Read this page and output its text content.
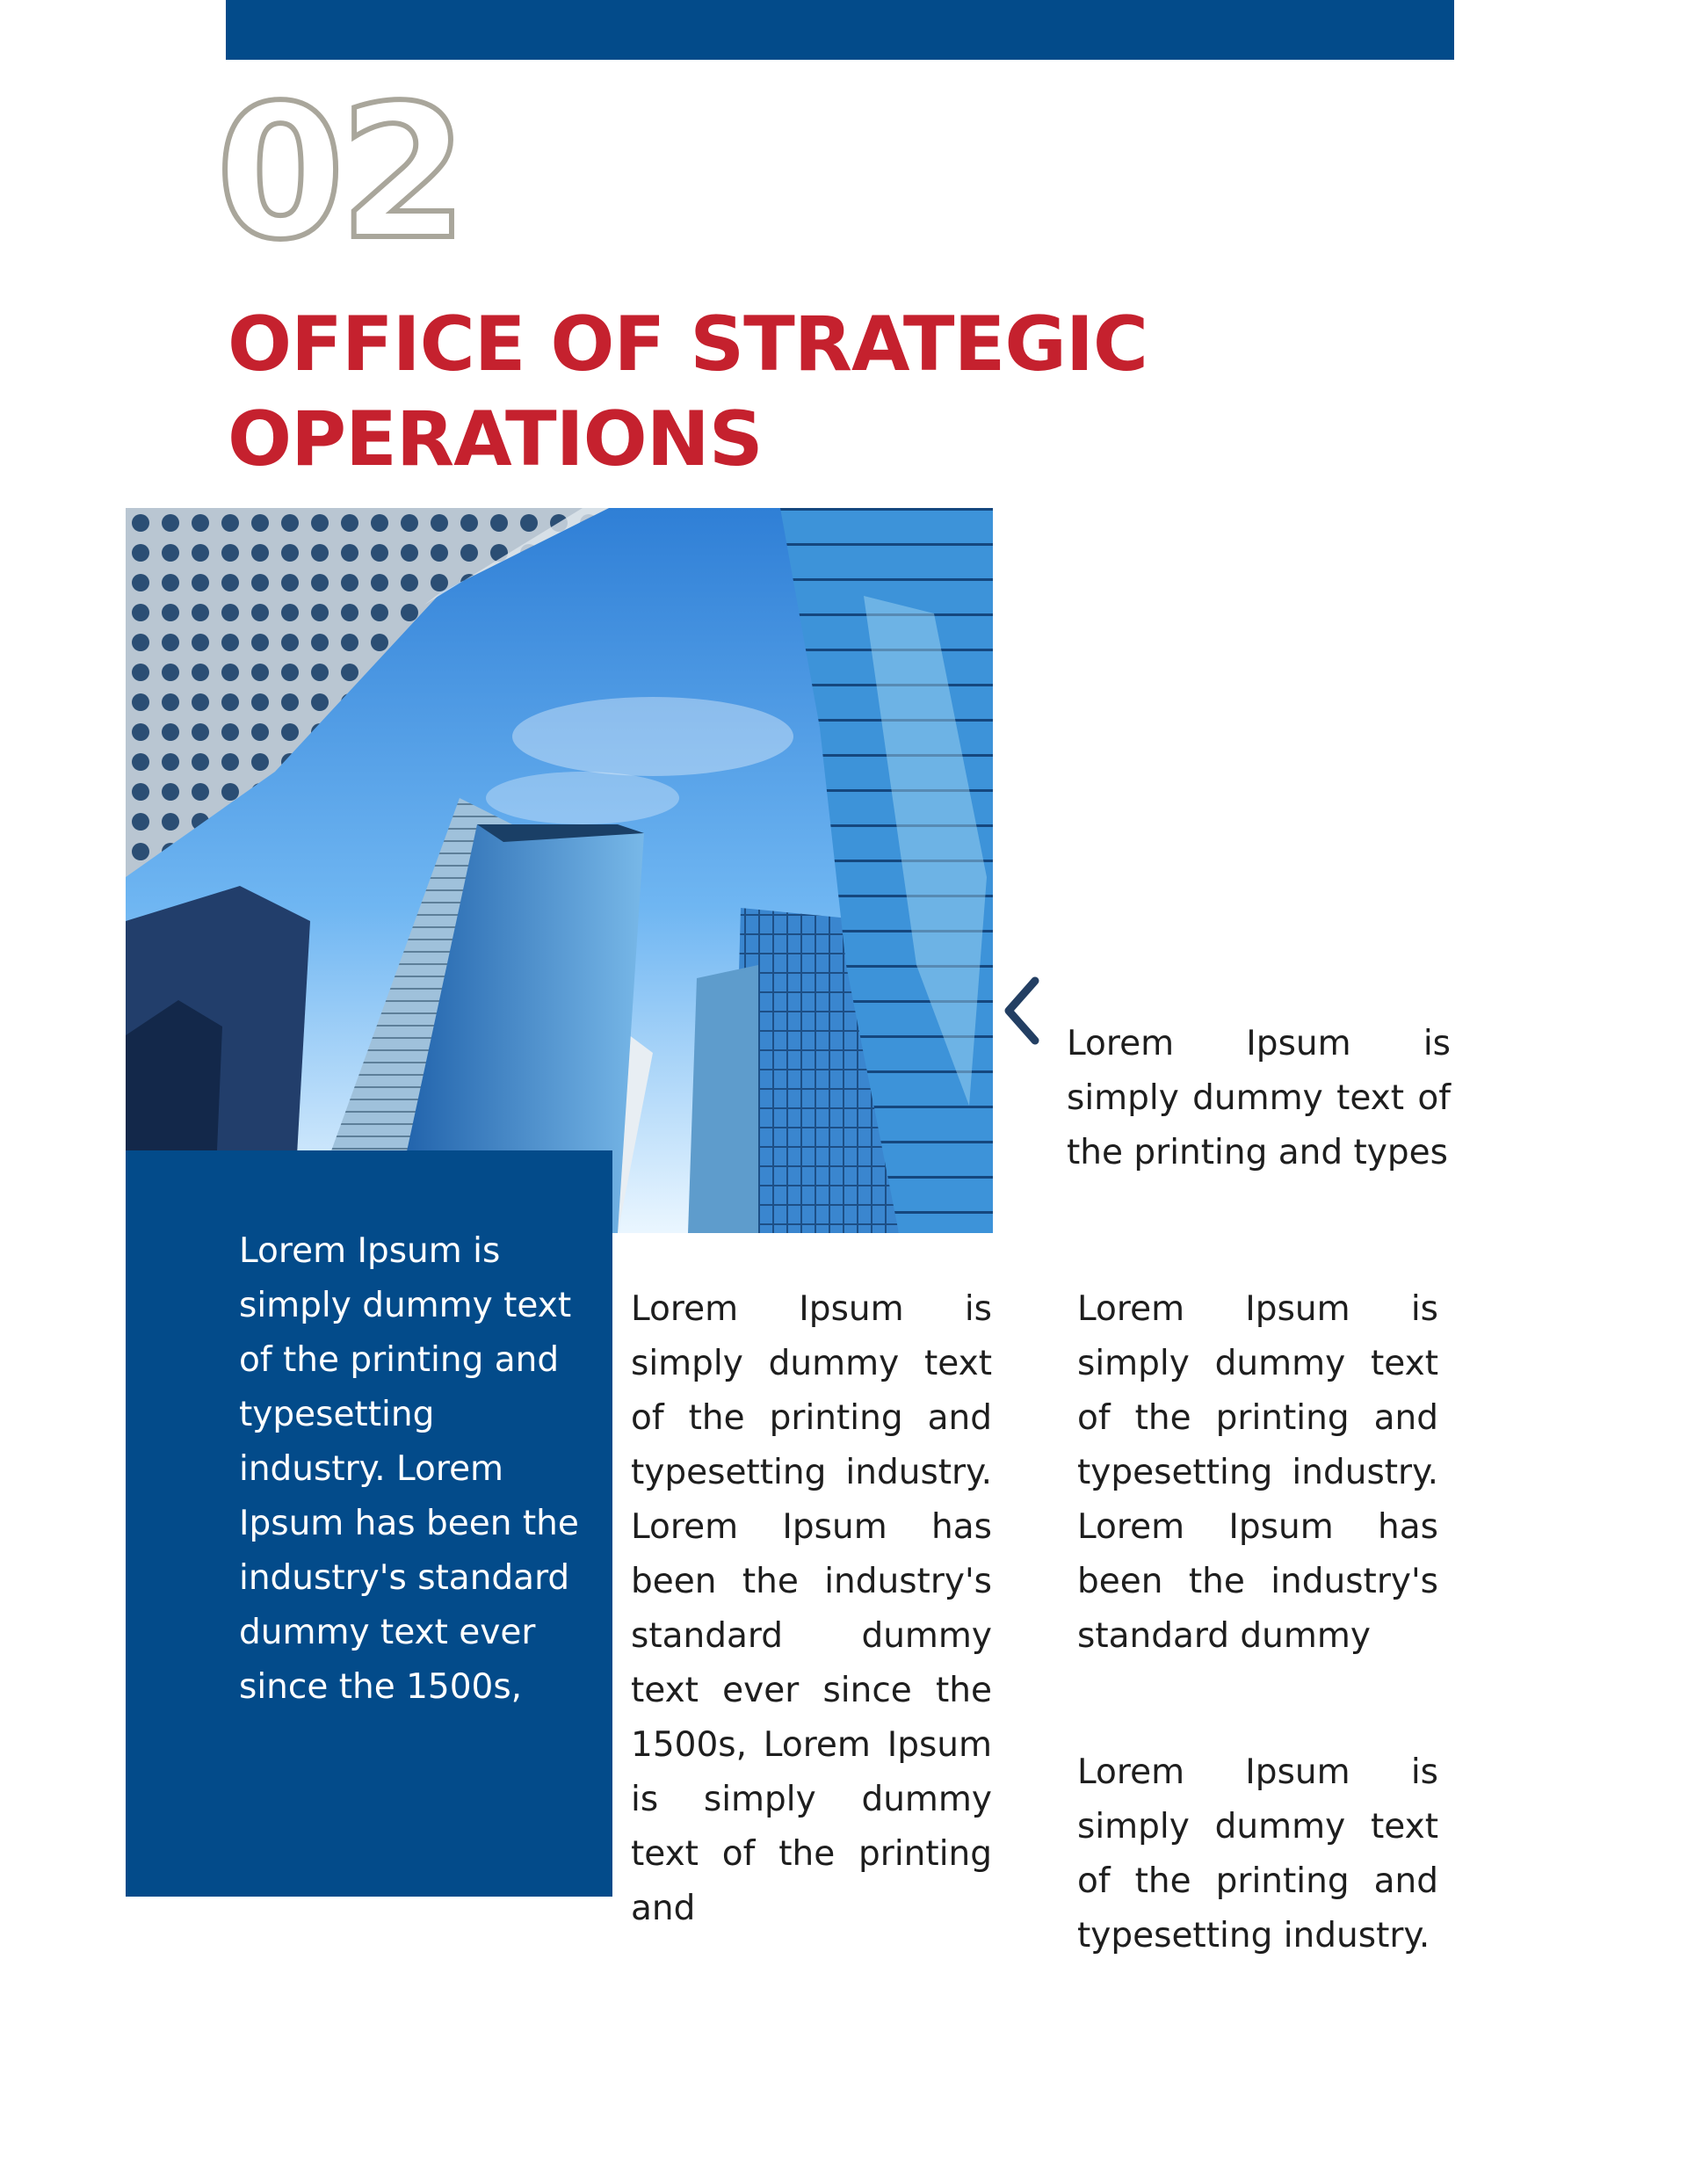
02
OFFICE OF STRATEGIC
OPERATIONS

Lorem Ipsum is simply dummy text of the printing and typesetting industry. Lorem Ipsum has been the industry's standard dummy text ever since the 1500s,

Lorem Ipsum is simply dummy text of the printing and types

Lorem Ipsum is simply dummy text of the printing and typesetting industry. Lorem Ipsum has been the industry's standard dummy text ever since the 1500s, Lorem Ipsum is simply dummy text of the printing and

Lorem Ipsum is simply dummy text of the printing and typesetting industry. Lorem Ipsum has been the industry's standard dummy

Lorem Ipsum is simply dummy text of the printing and typesetting industry.
